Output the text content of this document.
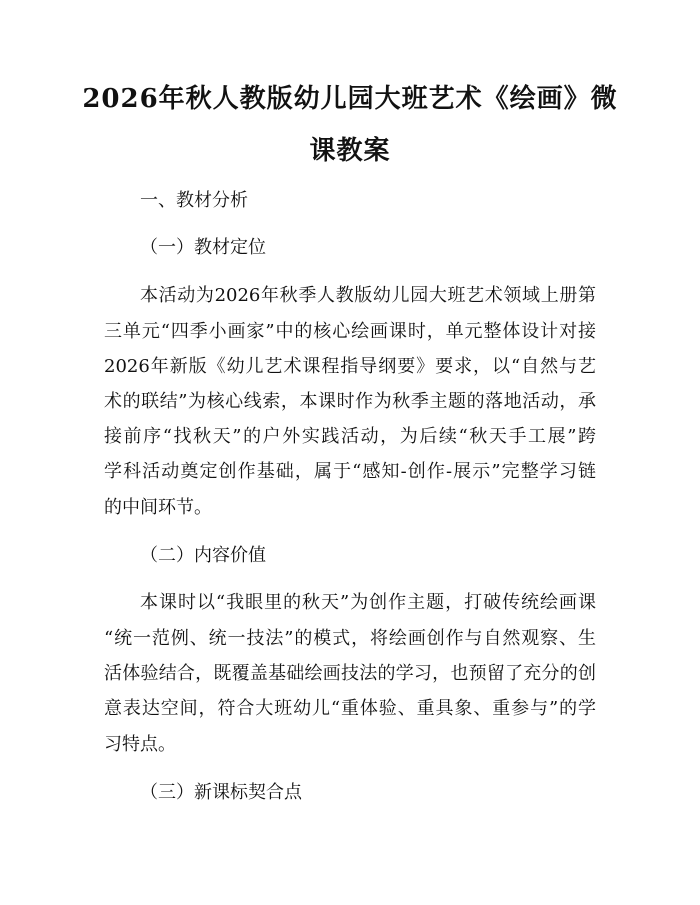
2026年秋人教版幼儿园大班艺术《绘画》微
课教案
一、教材分析
（一）教材定位
本活动为2026年秋季人教版幼儿园大班艺术领域上册第
三单元“四季小画家”中的核心绘画课时，单元整体设计对接
2026年新版《幼儿艺术课程指导纲要》要求，以“自然与艺
术的联结”为核心线索，本课时作为秋季主题的落地活动，承
接前序“找秋天”的户外实践活动，为后续“秋天手工展”跨
学科活动奠定创作基础，属于“感知-创作-展示”完整学习链
的中间环节。
（二）内容价值
本课时以“我眼里的秋天”为创作主题，打破传统绘画课
“统一范例、统一技法”的模式，将绘画创作与自然观察、生
活体验结合，既覆盖基础绘画技法的学习，也预留了充分的创
意表达空间，符合大班幼儿“重体验、重具象、重参与”的学
习特点。
（三）新课标契合点
